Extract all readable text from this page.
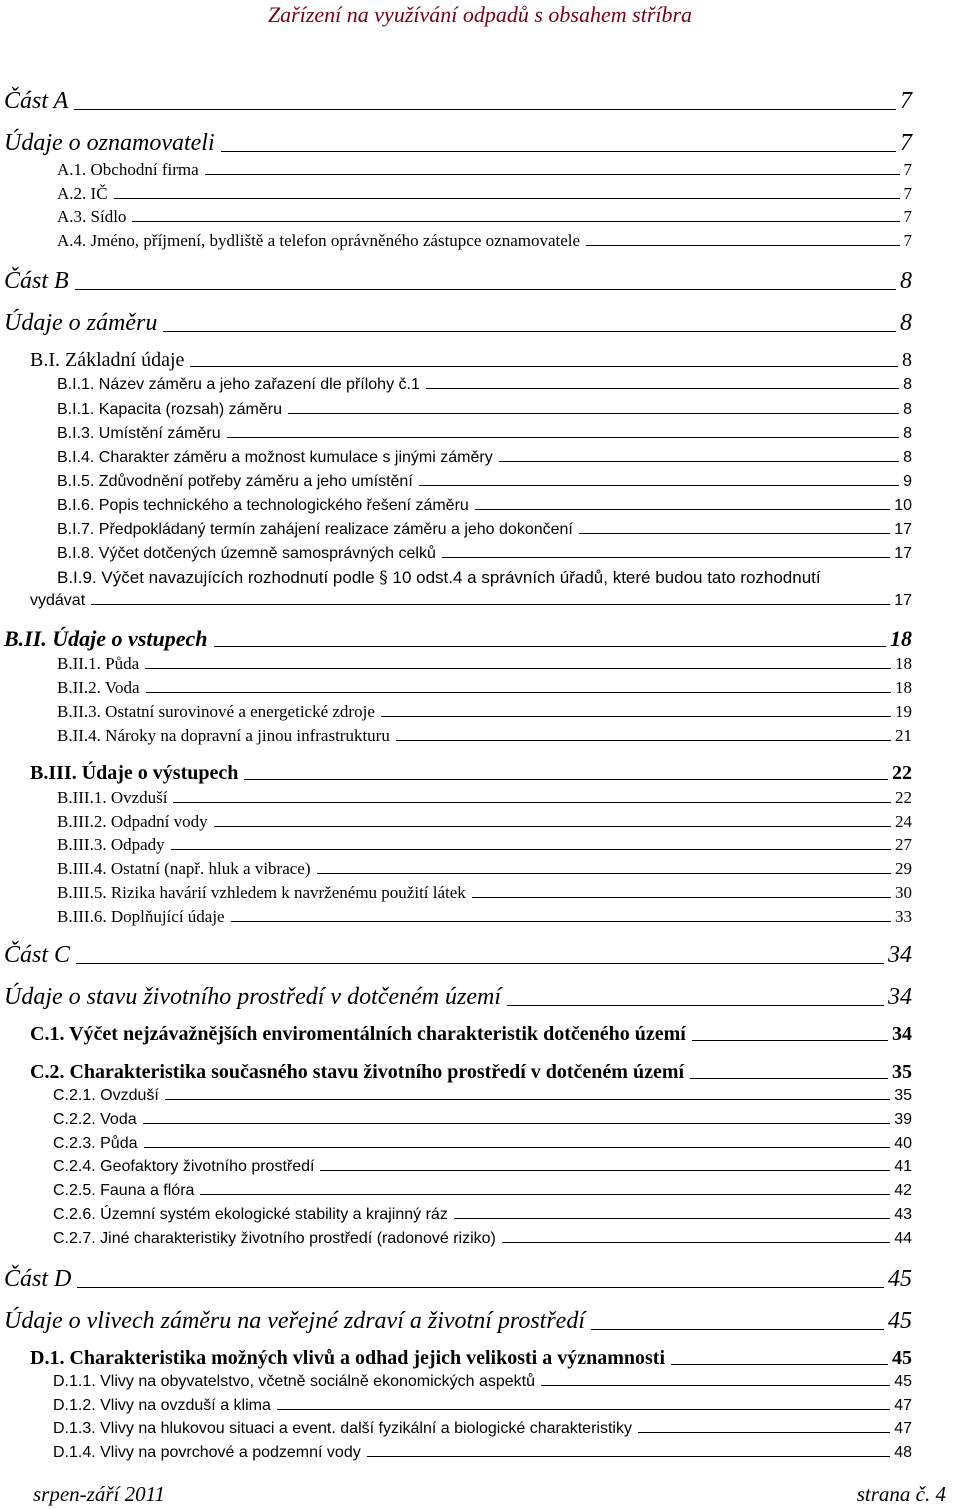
Zařízení na využívání odpadů s obsahem stříbra
Část A	7
Údaje o oznamovateli	7
A.1. Obchodní firma	7
A.2. IČ	7
A.3. Sídlo	7
A.4. Jméno, příjmení, bydliště a telefon oprávněného zástupce oznamovatele	7
Část B	8
Údaje o záměru	8
B.I. Základní údaje	8
B.I.1. Název záměru a jeho zařazení dle přílohy č.1	8
B.I.1. Kapacita (rozsah) záměru	8
B.I.3. Umístění záměru	8
B.I.4. Charakter záměru a možnost kumulace s jinými záměry	8
B.I.5. Zdůvodnění potřeby záměru a jeho umístění	9
B.I.6. Popis technického a technologického řešení záměru	10
B.I.7. Předpokládaný termín zahájení realizace záměru a jeho dokončení	17
B.I.8. Výčet dotčených územně samosprávných celků	17
B.I.9. Výčet navazujících rozhodnutí podle § 10 odst.4 a správních úřadů, které budou tato rozhodnutí
vydávat	17
B.II. Údaje o vstupech	18
B.II.1. Půda	18
B.II.2. Voda	18
B.II.3. Ostatní surovinové a energetické zdroje	19
B.II.4. Nároky na dopravní a jinou infrastrukturu	21
B.III. Údaje o výstupech	22
B.III.1. Ovzduší	22
B.III.2. Odpadní vody	24
B.III.3. Odpady	27
B.III.4. Ostatní (např. hluk a vibrace)	29
B.III.5. Rizika havárií vzhledem k navrženému použití látek	30
B.III.6. Doplňující údaje	33
Část C	34
Údaje o stavu životního prostředí v dotčeném území	34
C.1. Výčet nejzávažnějších enviromentálních charakteristik dotčeného území	34
C.2. Charakteristika současného stavu životního prostředí v dotčeném území	35
C.2.1. Ovzduší	35
C.2.2. Voda	39
C.2.3. Půda	40
C.2.4. Geofaktory životního prostředí	41
C.2.5. Fauna a flóra	42
C.2.6. Územní systém ekologické stability a krajinný ráz	43
C.2.7. Jiné charakteristiky životního prostředí (radonové riziko)	44
Část D	45
Údaje o vlivech záměru na veřejné zdraví a životní prostředí	45
D.1. Charakteristika možných vlivů a odhad jejich velikosti a významnosti	45
D.1.1. Vlivy na obyvatelstvo, včetně sociálně ekonomických aspektů	45
D.1.2. Vlivy na ovzduší a klima	47
D.1.3. Vlivy na hlukovou situaci a event. další fyzikální a biologické charakteristiky	47
D.1.4. Vlivy na povrchové a podzemní vody	48
srpen-září 2011	strana č. 4
